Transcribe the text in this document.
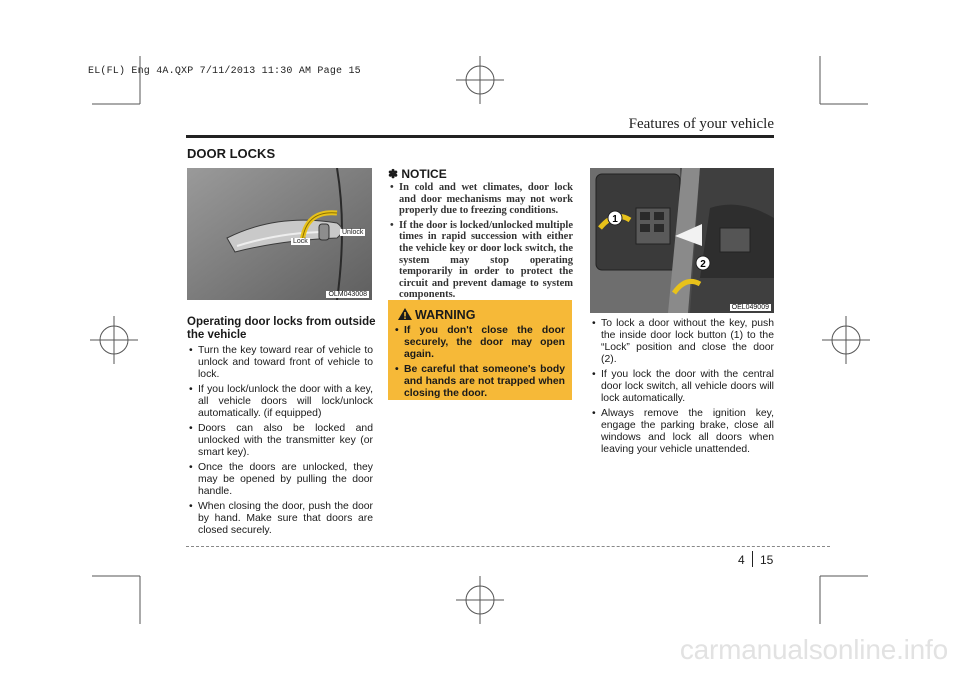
EL(FL) Eng 4A.QXP 7/11/2013 11:30 AM Page 15
Features of your vehicle
DOOR LOCKS
Lock
Unlock
OLM043008
Operating door locks from outside the vehicle
• Turn the key toward rear of vehicle to unlock and toward front of vehicle to lock.
• If you lock/unlock the door with a key, all vehicle doors will lock/unlock automatically. (if equipped)
• Doors can also be locked and unlocked with the transmitter key (or smart key).
• Once the doors are unlocked, they may be opened by pulling the door handle.
• When closing the door, push the door by hand. Make sure that doors are closed securely.
✽ NOTICE
• In cold and wet climates, door lock and door mechanisms may not work properly due to freezing conditions.
• If the door is locked/unlocked multiple times in rapid succession with either the vehicle key or door lock switch, the system may stop operating temporarily in order to protect the circuit and prevent damage to system components.
WARNING
• If you don't close the door securely, the door may open again.
• Be careful that someone's body and hands are not trapped when closing the door.
1
2
OEL049009
• To lock a door without the key, push the inside door lock button (1) to the “Lock” position and close the door (2).
• If you lock the door with the central door lock switch, all vehicle doors will lock automatically.
• Always remove the ignition key, engage the parking brake, close all windows and lock all doors when leaving your vehicle unattended.
4 15
carmanualsonline.info
